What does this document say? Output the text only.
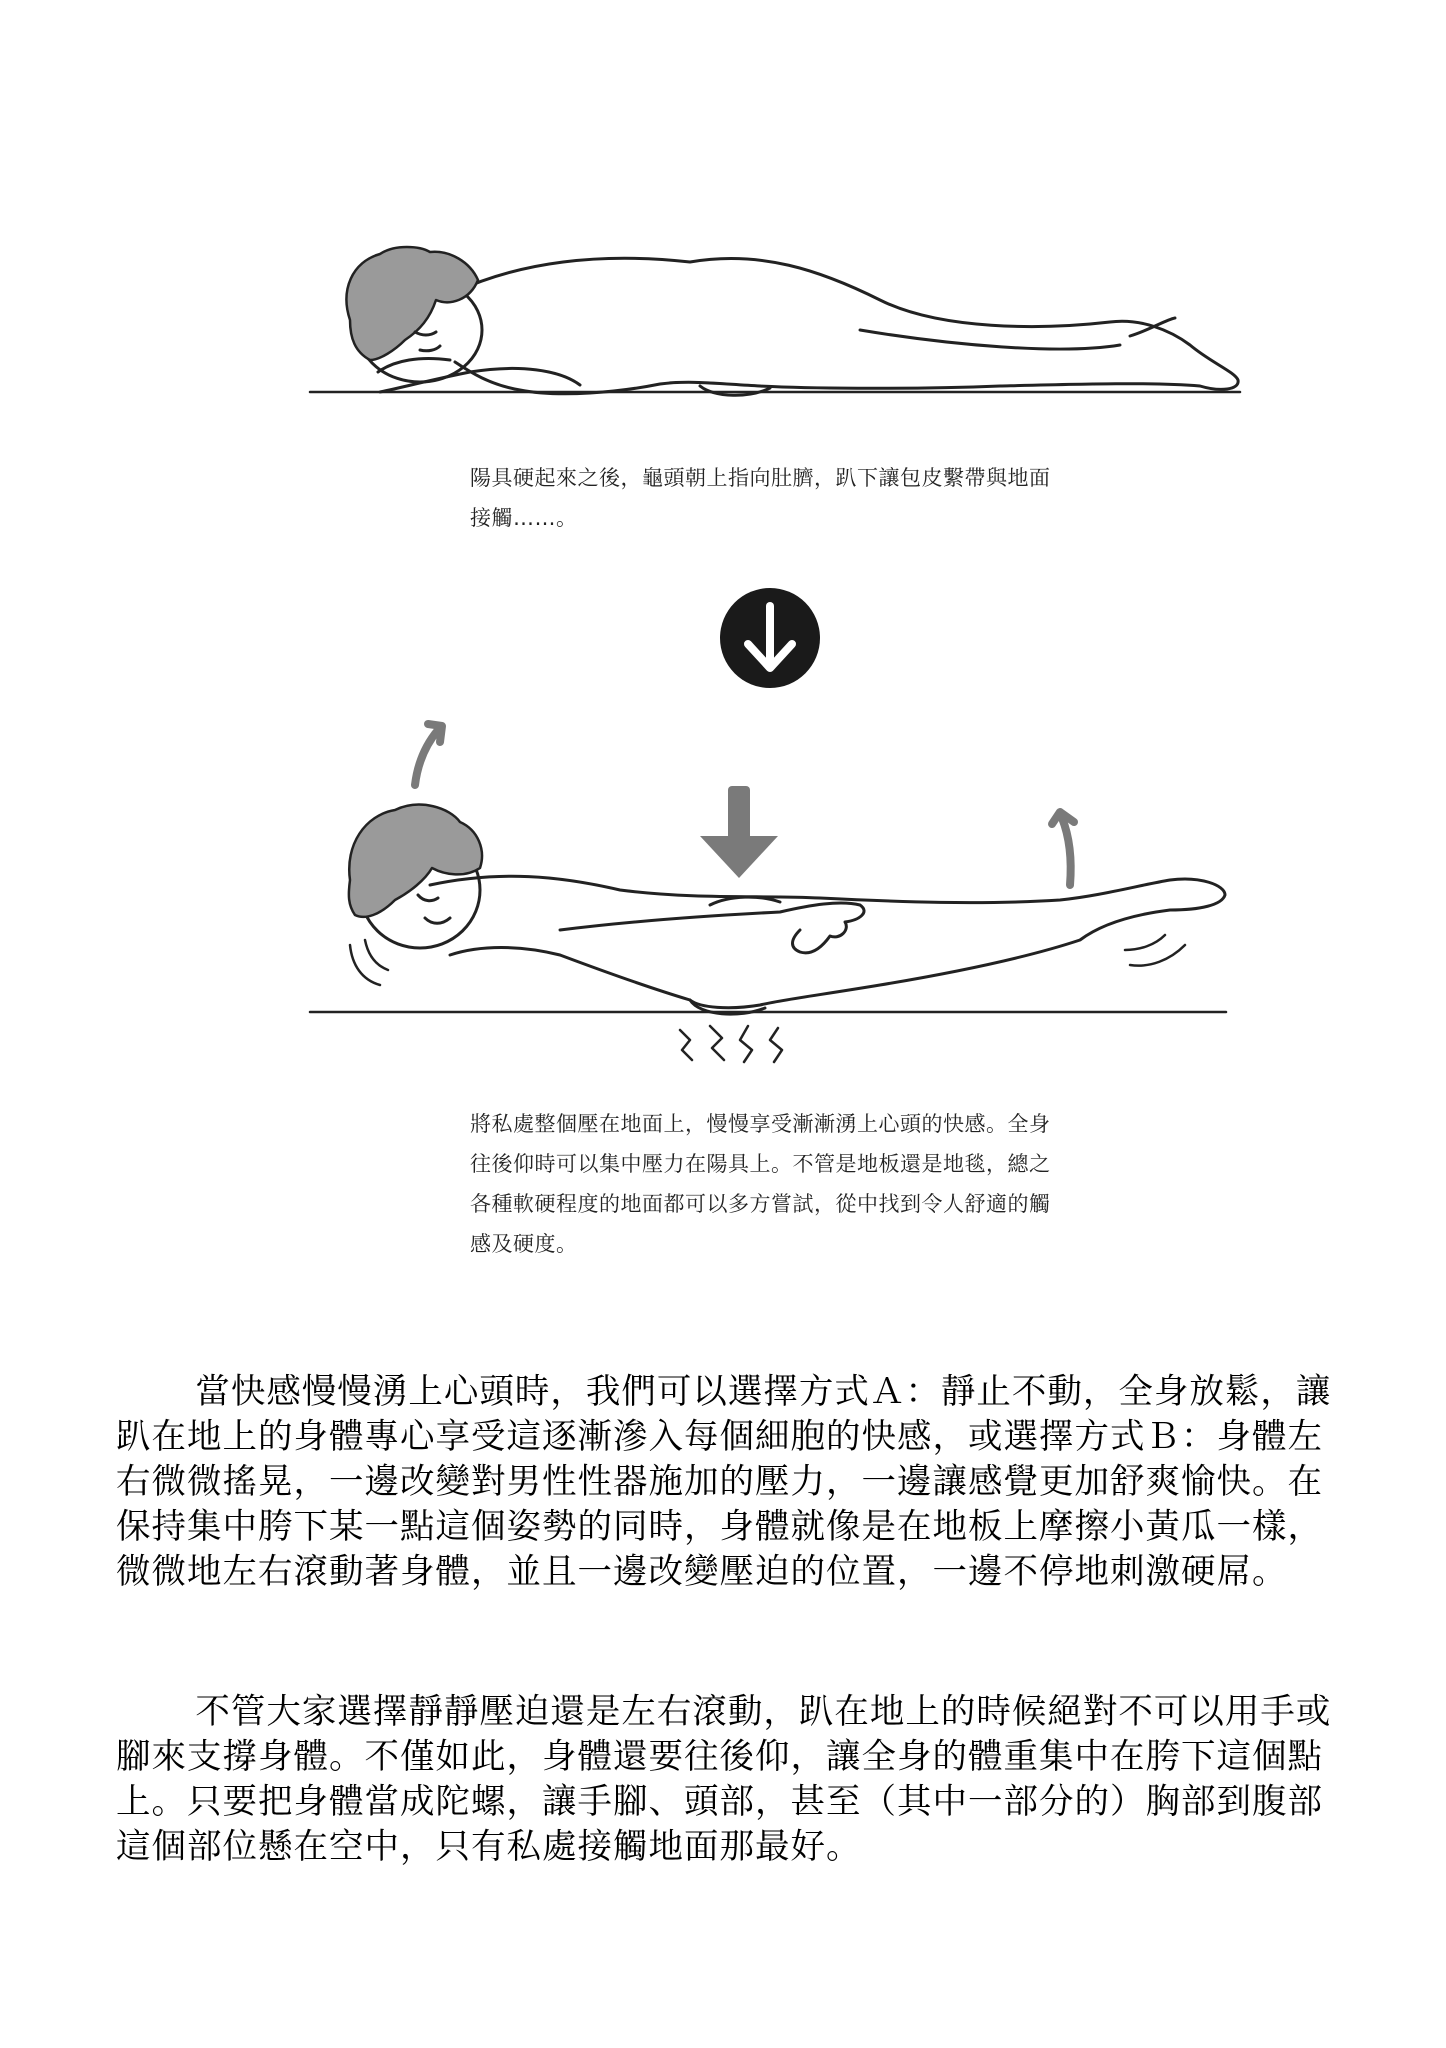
陽具硬起來之後，龜頭朝上指向肚臍，趴下讓包皮繫帶與地面
接觸……。
將私處整個壓在地面上，慢慢享受漸漸湧上心頭的快感。全身
往後仰時可以集中壓力在陽具上。不管是地板還是地毯，總之
各種軟硬程度的地面都可以多方嘗試，從中找到令人舒適的觸
感及硬度。

當快感慢慢湧上心頭時，我們可以選擇方式Ａ：靜止不動，全身放鬆，讓趴在地上的身體專心享受這逐漸滲入每個細胞的快感，或選擇方式Ｂ：身體左右微微搖晃，一邊改變對男性性器施加的壓力，一邊讓感覺更加舒爽愉快。在保持集中胯下某一點這個姿勢的同時，身體就像是在地板上摩擦小黃瓜一樣，微微地左右滾動著身體，並且一邊改變壓迫的位置，一邊不停地刺激硬屌。

不管大家選擇靜靜壓迫還是左右滾動，趴在地上的時候絕對不可以用手或腳來支撐身體。不僅如此，身體還要往後仰，讓全身的體重集中在胯下這個點上。只要把身體當成陀螺，讓手腳、頭部，甚至（其中一部分的）胸部到腹部這個部位懸在空中，只有私處接觸地面那最好。
